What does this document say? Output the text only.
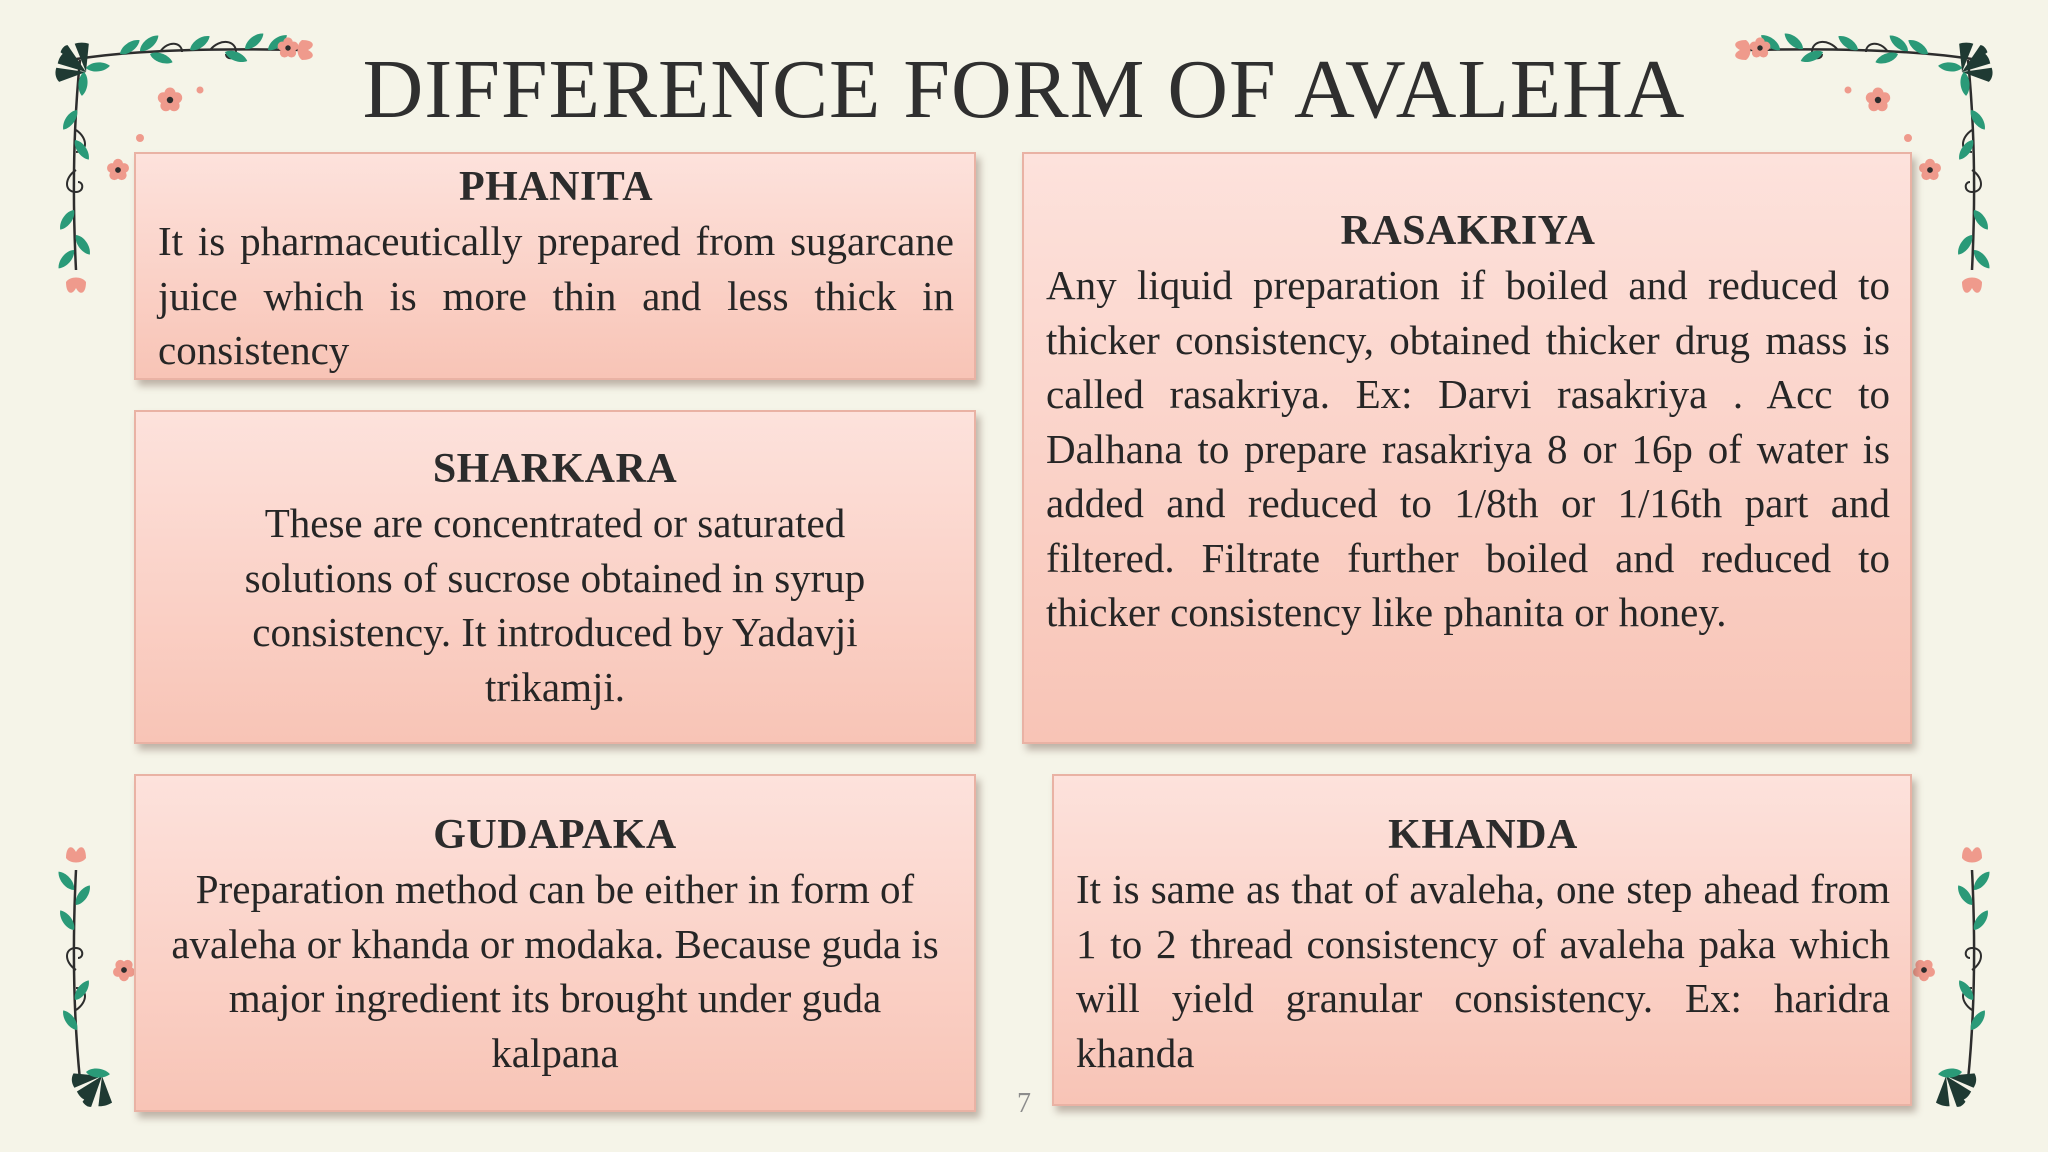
DIFFERENCE FORM OF AVALEHA
PHANITA

It is pharmaceutically prepared from sugarcane juice which is more thin and less thick in consistency

SHARKARA

These are concentrated or saturated solutions of sucrose obtained in syrup consistency. It introduced by Yadavji trikamji.

GUDAPAKA

Preparation method can be either in form of avaleha or khanda or modaka. Because guda is major ingredient its brought under guda kalpana

RASAKRIYA

Any liquid preparation if boiled and reduced to thicker consistency, obtained thicker drug mass is called rasakriya. Ex: Darvi rasakriya . Acc to Dalhana to prepare rasakriya 8 or 16p of water is added and reduced to 1/8th or 1/16th part and filtered. Filtrate further boiled and reduced to thicker consistency like phanita or honey.

KHANDA

It is same as that of avaleha, one step ahead from 1 to 2 thread consistency of avaleha paka which will yield granular consistency. Ex: haridra khanda

7
